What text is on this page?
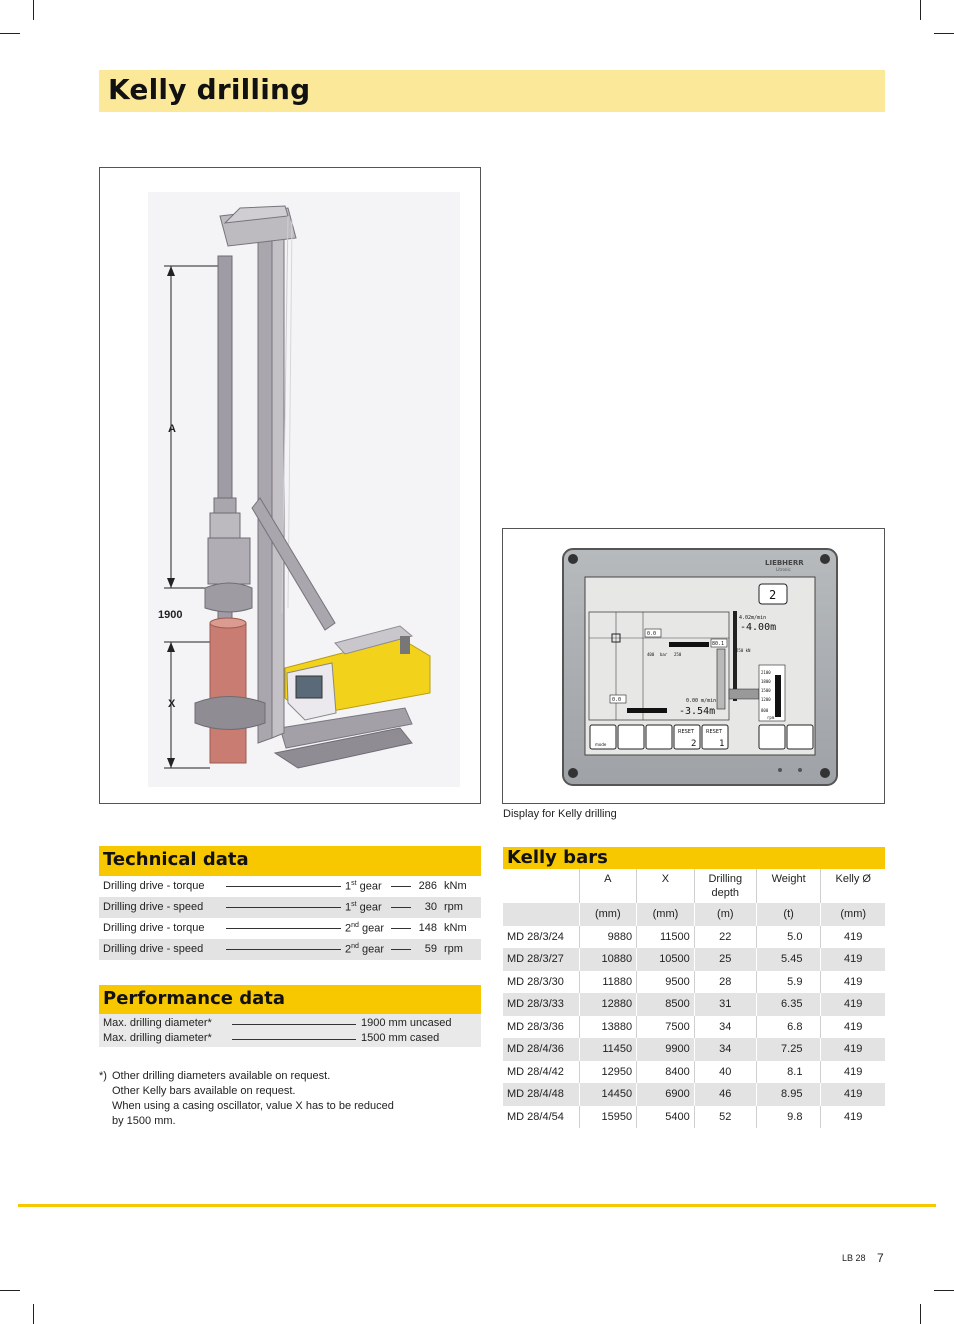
Kelly drilling
A
1900
X
LIEBHERR
Litronic
0.0
400 bar 250
0.0	0.00 m/min
-3.54m
80.1
4.02m/min
-4.00m
250 kN
2100
1800
1500
1200
800
rpm
2
mode
RESET
2
RESET
1
Display for Kelly drilling
Technical data
Drilling drive - torque	1st gear	286 kNm
Drilling drive - speed	1st gear	30 rpm
Drilling drive - torque	2nd gear	148 kNm
Drilling drive - speed	2nd gear	59 rpm
Performance data
Max. drilling diameter*	1900 mm uncased
Max. drilling diameter*	1500 mm cased
*) Other drilling diameters available on request.
Other Kelly bars available on request.
When using a casing oscillator, value X has to be reduced
by 1500 mm.
Kelly bars
	A	X	Drilling depth	Weight	Kelly Ø
	(mm)	(mm)	(m)	(t)	(mm)
MD 28/3/24	9880	11500	22	5.0	419
MD 28/3/27	10880	10500	25	5.45	419
MD 28/3/30	11880	9500	28	5.9	419
MD 28/3/33	12880	8500	31	6.35	419
MD 28/3/36	13880	7500	34	6.8	419
MD 28/4/36	11450	9900	34	7.25	419
MD 28/4/42	12950	8400	40	8.1	419
MD 28/4/48	14450	6900	46	8.95	419
MD 28/4/54	15950	5400	52	9.8	419
LB 28 7
